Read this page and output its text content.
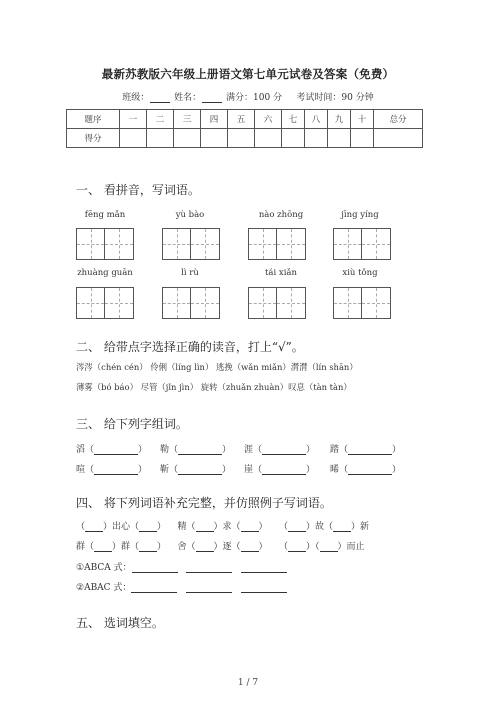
最新苏教版六年级上册语文第七单元试卷及答案（免费）
班级：	姓名：	满分：100 分 考试时间：90 分钟
题序	一	二	三	四	五	六	七	八	九	十	总分
得分											
一、 看拼音，写词语。
fēng mǎn	yù bào	nào zhōng	jīng yíng
zhuàng guān	lì rù	tái xiǎn	xiù tǒng
二、 给带点字选择正确的读音，打上“√”。
涔涔（chén cén） 伶俐（líng lìn） 逃挽（wǎn miǎn）潸潸（lín shān）
薄雾（bó báo） 尽管（jǐn jìn） 旋转（zhuǎn zhuàn）叹息（tàn tàn）
三、 给下列字组词。
滔（	） 勒（	） 涯（	） 踏（	）
喧（	） 靳（	） 崖（	） 晞（	）
四、 将下列词语补充完整，并仿照例子写词语。
（ ）出心（ ） 精（ ）求（ ） （ ）故（ ）新
群（ ）群（ ） 舍（ ）逐（ ） （ ）（ ）而止
①ABCA 式：
②ABAC 式：
五、 选词填空。
1 / 7
